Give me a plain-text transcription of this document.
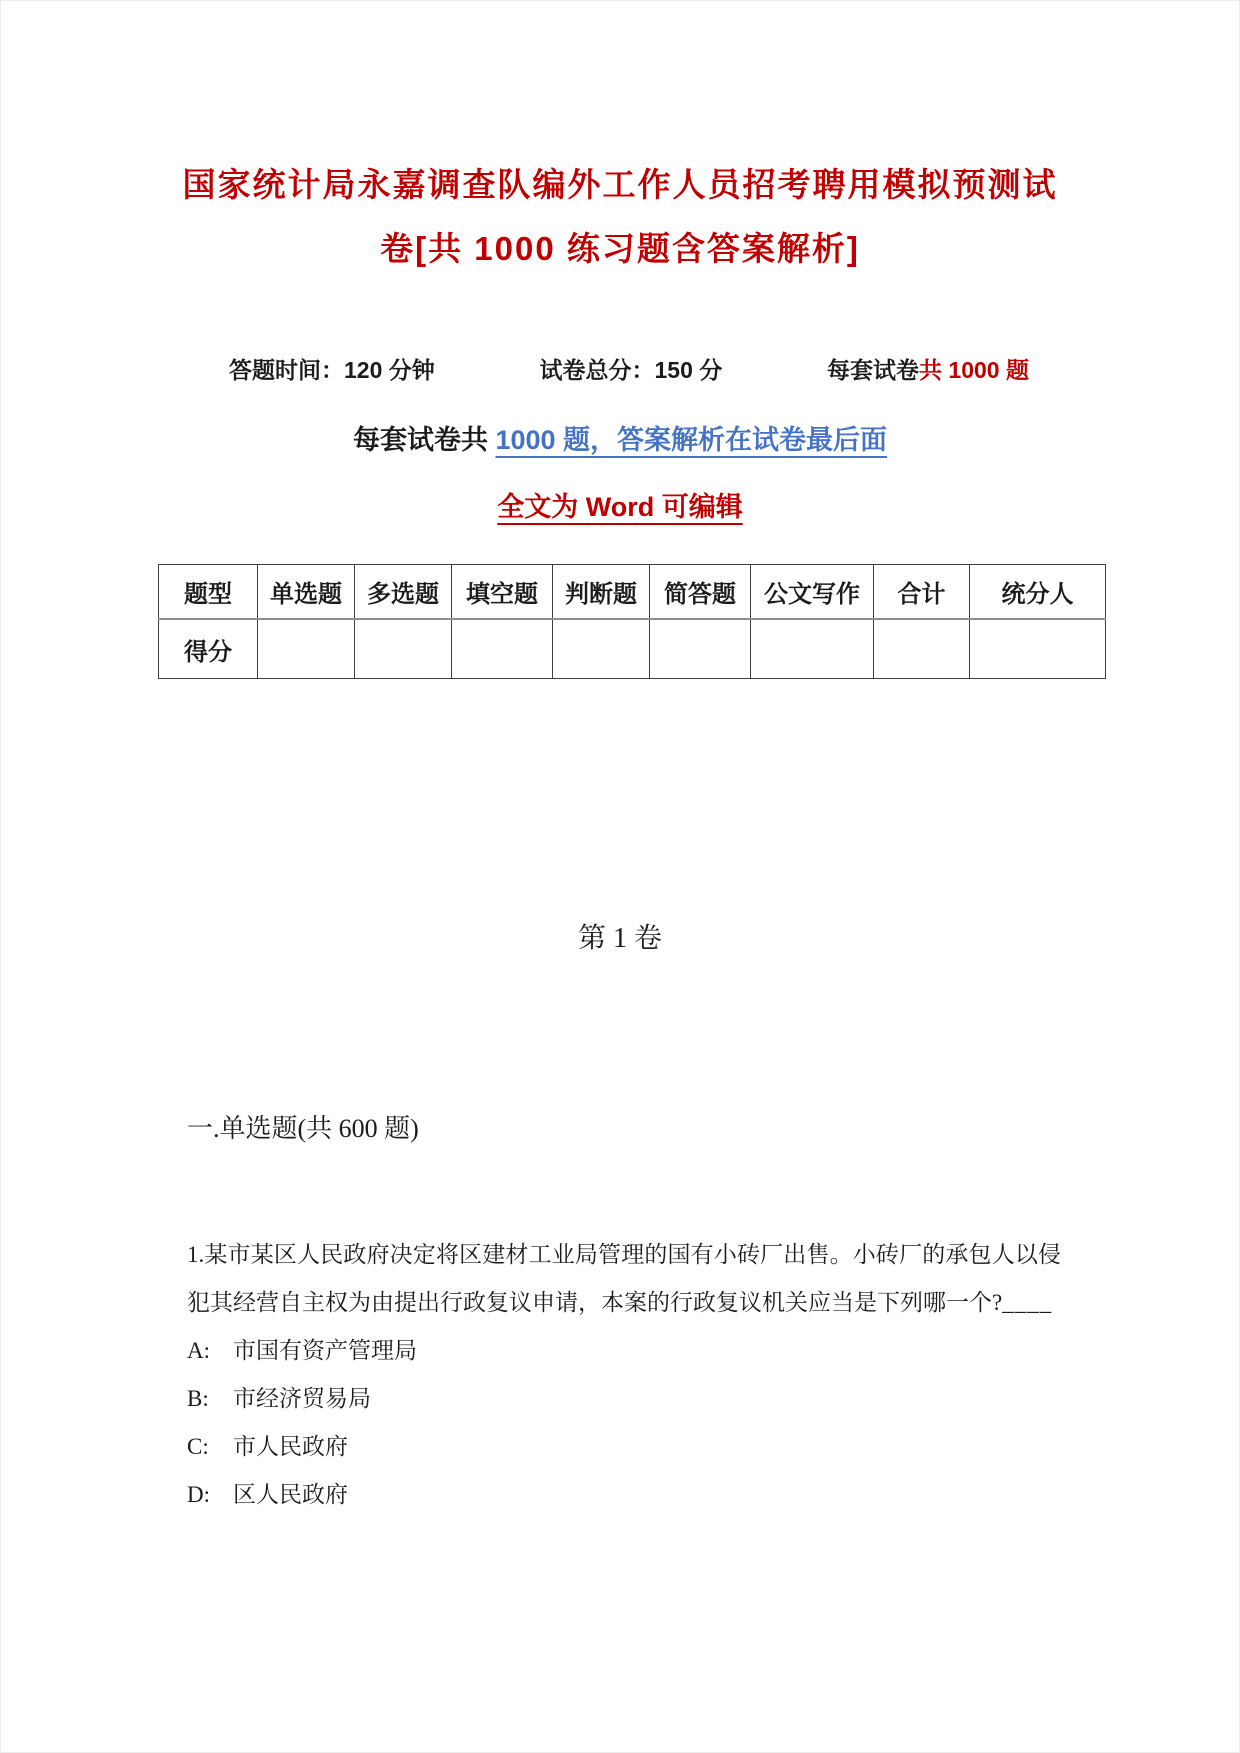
国家统计局永嘉调查队编外工作人员招考聘用模拟预测试卷[共 1000 练习题含答案解析]
答题时间：120 分钟	试卷总分：150 分	每套试卷共 1000 题
每套试卷共 1000 题，答案解析在试卷最后面
全文为 Word 可编辑
题型	单选题	多选题	填空题	判断题	简答题	公文写作	合计	统分人
得分								
第 1 卷
一.单选题(共 600 题)
1.某市某区人民政府决定将区建材工业局管理的国有小砖厂出售。小砖厂的承包人以侵犯其经营自主权为由提出行政复议申请，本案的行政复议机关应当是下列哪一个?____
A:	市国有资产管理局
B:	市经济贸易局
C:	市人民政府
D:	区人民政府
